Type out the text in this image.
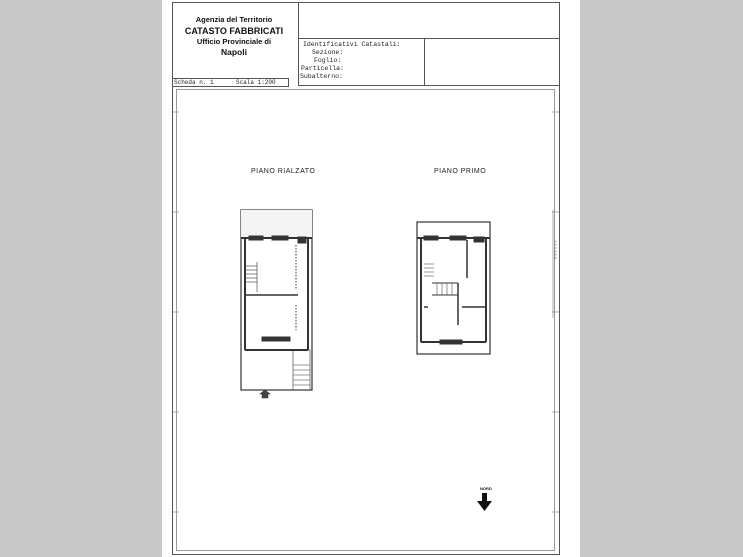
Agenzia del Territorio
CATASTO FABBRICATI
Ufficio Provinciale di
Napoli
Identificativi Catastali:
Sezione:
Foglio:
Particella:
Subalterno:
Scheda n. 1	Scala 1:200
PIANO RIALZATO	PIANO PRIMO
NORD
1 2 3 4 5 6
